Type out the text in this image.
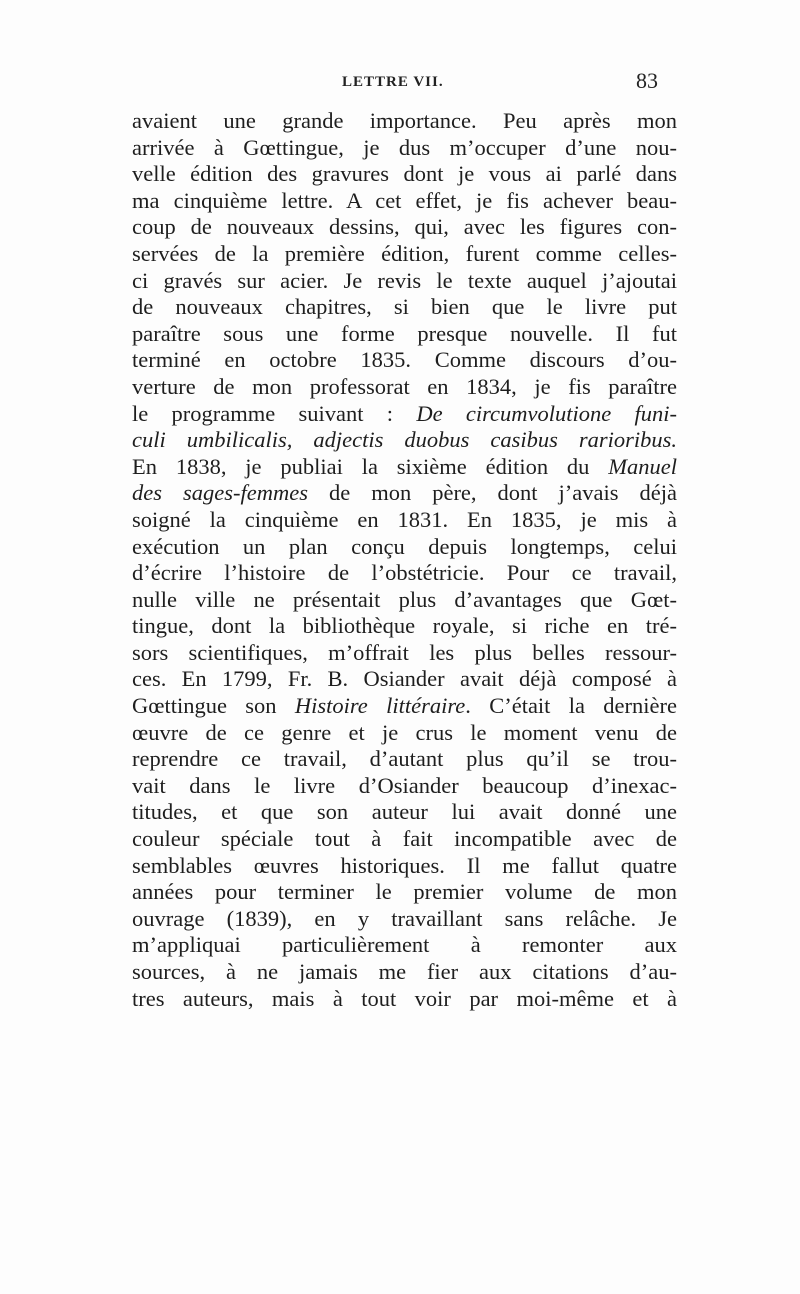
LETTRE VII.	83
avaient une grande importance. Peu après mon
arrivée à Gœttingue, je dus m’occuper d’une nou-
velle édition des gravures dont je vous ai parlé dans
ma cinquième lettre. A cet effet, je fis achever beau-
coup de nouveaux dessins, qui, avec les figures con-
servées de la première édition, furent comme celles-
ci gravés sur acier. Je revis le texte auquel j’ajoutai
de nouveaux chapitres, si bien que le livre put
paraître sous une forme presque nouvelle. Il fut
terminé en octobre 1835. Comme discours d’ou-
verture de mon professorat en 1834, je fis paraître
le programme suivant : De circumvolutione funi-
culi umbilicalis, adjectis duobus casibus rarioribus.
En 1838, je publiai la sixième édition du Manuel
des sages-femmes de mon père, dont j’avais déjà
soigné la cinquième en 1831. En 1835, je mis à
exécution un plan conçu depuis longtemps, celui
d’écrire l’histoire de l’obstétricie. Pour ce travail,
nulle ville ne présentait plus d’avantages que Gœt-
tingue, dont la bibliothèque royale, si riche en tré-
sors scientifiques, m’offrait les plus belles ressour-
ces. En 1799, Fr. B. Osiander avait déjà composé à
Gœttingue son Histoire littéraire. C’était la dernière
œuvre de ce genre et je crus le moment venu de
reprendre ce travail, d’autant plus qu’il se trou-
vait dans le livre d’Osiander beaucoup d’inexac-
titudes, et que son auteur lui avait donné une
couleur spéciale tout à fait incompatible avec de
semblables œuvres historiques. Il me fallut quatre
années pour terminer le premier volume de mon
ouvrage (1839), en y travaillant sans relâche. Je
m’appliquai particulièrement à remonter aux
sources, à ne jamais me fier aux citations d’au-
tres auteurs, mais à tout voir par moi-même et à
